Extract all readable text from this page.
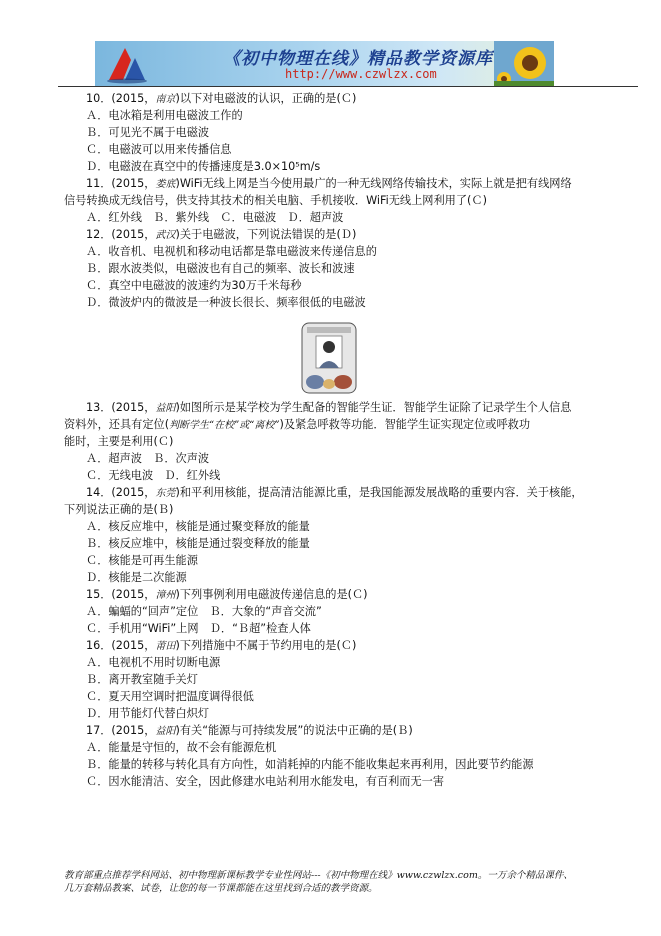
《初中物理在线》精品教学资源库
http://www.czwlzx.com
10．(2015，南京)以下对电磁波的认识，正确的是(Ｃ)
Ａ．电冰箱是利用电磁波工作的
Ｂ．可见光不属于电磁波
Ｃ．电磁波可以用来传播信息
Ｄ．电磁波在真空中的传播速度是3.0×10⁵m/s
11．(2015，娄底)WiFi无线上网是当今使用最广的一种无线网络传输技术，实际上就是把有线网络
信号转换成无线信号，供支持其技术的相关电脑、手机接收．WiFi无线上网利用了(Ｃ)
Ａ．红外线　Ｂ．紫外线　Ｃ．电磁波　Ｄ．超声波
12．(2015，武汉)关于电磁波，下列说法错误的是(Ｄ)
Ａ．收音机、电视机和移动电话都是靠电磁波来传递信息的
Ｂ．跟水波类似，电磁波也有自己的频率、波长和波速
Ｃ．真空中电磁波的波速约为30万千米每秒
Ｄ．微波炉内的微波是一种波长很长、频率很低的电磁波
13．(2015，益阳)如图所示是某学校为学生配备的智能学生证．智能学生证除了记录学生个人信息
资料外，还具有定位(判断学生“在校”或“离校”)及紧急呼救等功能．智能学生证实现定位或呼救功
能时，主要是利用(Ｃ)
Ａ．超声波　Ｂ．次声波
Ｃ．无线电波　Ｄ．红外线
14．(2015，东莞)和平利用核能，提高清洁能源比重，是我国能源发展战略的重要内容．关于核能，
下列说法正确的是(Ｂ)
Ａ．核反应堆中，核能是通过聚变释放的能量
Ｂ．核反应堆中，核能是通过裂变释放的能量
Ｃ．核能是可再生能源
Ｄ．核能是二次能源
15．(2015，漳州)下列事例利用电磁波传递信息的是(Ｃ)
Ａ．蝙蝠的“回声”定位　Ｂ．大象的“声音交流”
Ｃ．手机用“WiFi”上网　Ｄ．“Ｂ超”检查人体
16．(2015，莆田)下列措施中不属于节约用电的是(Ｃ)
Ａ．电视机不用时切断电源
Ｂ．离开教室随手关灯
Ｃ．夏天用空调时把温度调得很低
Ｄ．用节能灯代替白炽灯
17．(2015，益阳)有关“能源与可持续发展”的说法中正确的是(Ｂ)
Ａ．能量是守恒的，故不会有能源危机
Ｂ．能量的转移与转化具有方向性，如消耗掉的内能不能收集起来再利用，因此要节约能源
Ｃ．因水能清洁、安全，因此修建水电站利用水能发电，有百利而无一害
教育部重点推荐学科网站、初中物理新课标教学专业性网站---《初中物理在线》www.czwlzx.com。一万余个精品课件、
几万套精品教案、试卷，让您的每一节课都能在这里找到合适的教学资源。
